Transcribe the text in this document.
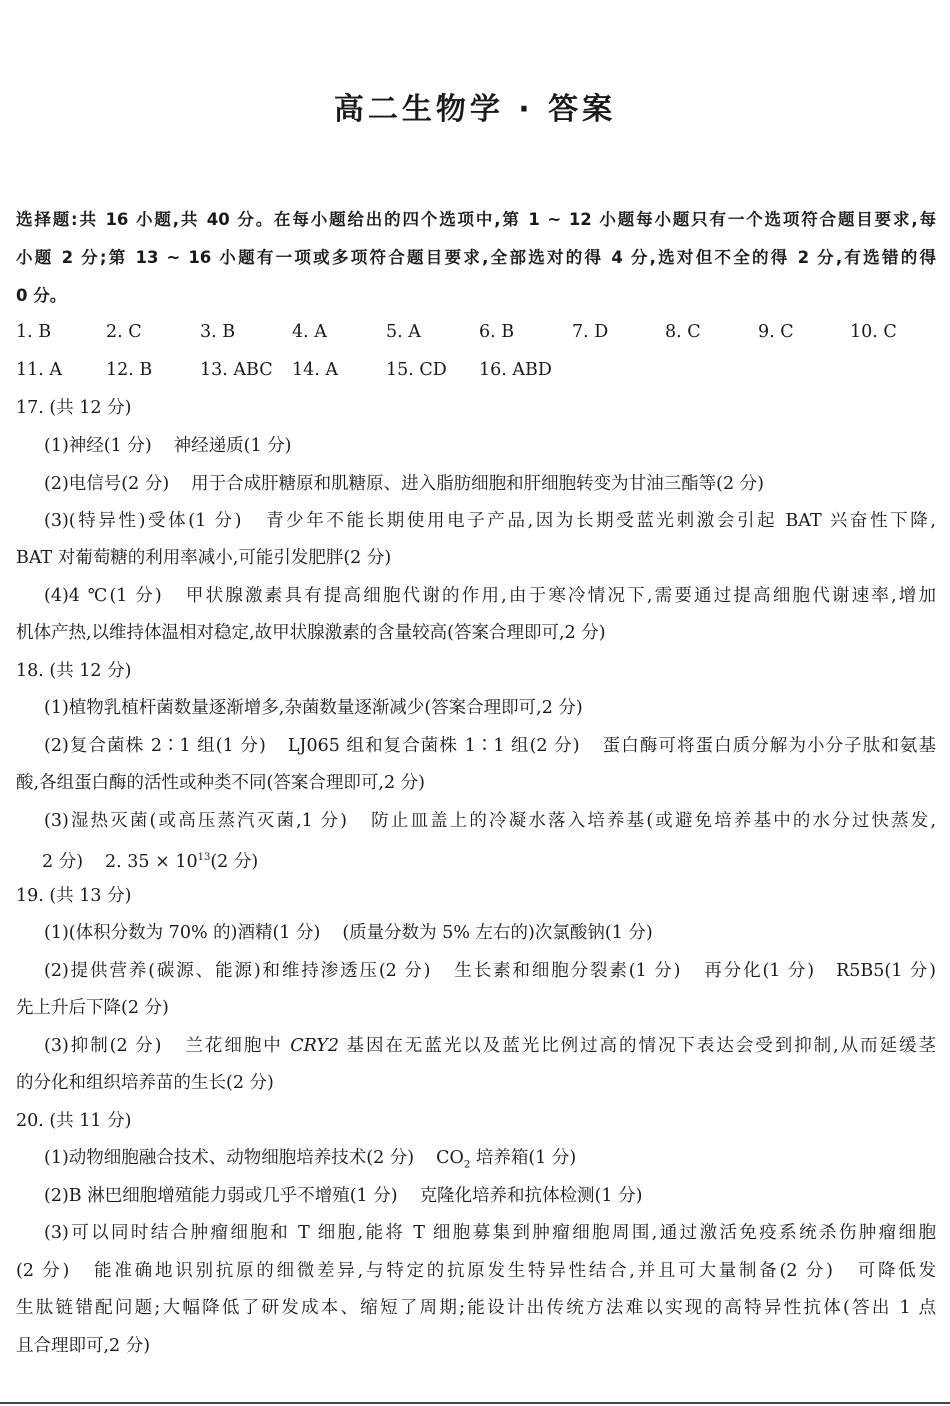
高二生物学 · 答案
选择题:共 16 小题,共 40 分。在每小题给出的四个选项中,第 1 ~ 12 小题每小题只有一个选项符合题目要求,每
小题 2 分;第 13 ~ 16 小题有一项或多项符合题目要求,全部选对的得 4 分,选对但不全的得 2 分,有选错的得
0 分。
1. B	2. C	3. B	4. A	5. A	6. B	7. D	8. C	9. C	10. C
11. A	12. B	13. ABC 14. A	15. CD 16. ABD
17. (共 12 分)
(1)神经(1 分) 神经递质(1 分)
(2)电信号(2 分) 用于合成肝糖原和肌糖原、进入脂肪细胞和肝细胞转变为甘油三酯等(2 分)
(3)(特异性)受体(1 分) 青少年不能长期使用电子产品,因为长期受蓝光刺激会引起 BAT 兴奋性下降,
BAT 对葡萄糖的利用率减小,可能引发肥胖(2 分)
(4)4 ℃(1 分) 甲状腺激素具有提高细胞代谢的作用,由于寒冷情况下,需要通过提高细胞代谢速率,增加
机体产热,以维持体温相对稳定,故甲状腺激素的含量较高(答案合理即可,2 分)
18. (共 12 分)
(1)植物乳植杆菌数量逐渐增多,杂菌数量逐渐减少(答案合理即可,2 分)
(2)复合菌株 2∶1 组(1 分) LJ065 组和复合菌株 1∶1 组(2 分) 蛋白酶可将蛋白质分解为小分子肽和氨基
酸,各组蛋白酶的活性或种类不同(答案合理即可,2 分)
(3)湿热灭菌(或高压蒸汽灭菌,1 分) 防止皿盖上的冷凝水落入培养基(或避免培养基中的水分过快蒸发,
2 分) 2. $35 \times 10^{13}(2$ 分)
19. (共 13 分)
(1)(体积分数为 70% 的)酒精(1 分) (质量分数为 5% 左右的)次氯酸钠(1 分)
(2)提供营养(碳源、能源)和维持渗透压(2 分) 生长素和细胞分裂素(1 分) 再分化(1 分) R5B5(1 分)
先上升后下降(2 分)
(3)抑制(2 分) 兰花细胞中 CRY2 基因在无蓝光以及蓝光比例过高的情况下表达会受到抑制,从而延缓茎
的分化和组织培养苗的生长(2 分)
20. (共 11 分)
(1)动物细胞融合技术、动物细胞培养技术(2 分) $CO_2$ 培养箱(1 分)
(2)B 淋巴细胞增殖能力弱或几乎不增殖(1 分) 克隆化培养和抗体检测(1 分)
(3)可以同时结合肿瘤细胞和 T 细胞,能将 T 细胞募集到肿瘤细胞周围,通过激活免疫系统杀伤肿瘤细胞
(2 分) 能准确地识别抗原的细微差异,与特定的抗原发生特异性结合,并且可大量制备(2 分) 可降低发
生肽链错配问题;大幅降低了研发成本、缩短了周期;能设计出传统方法难以实现的高特异性抗体(答出 1 点
且合理即可,2 分)
